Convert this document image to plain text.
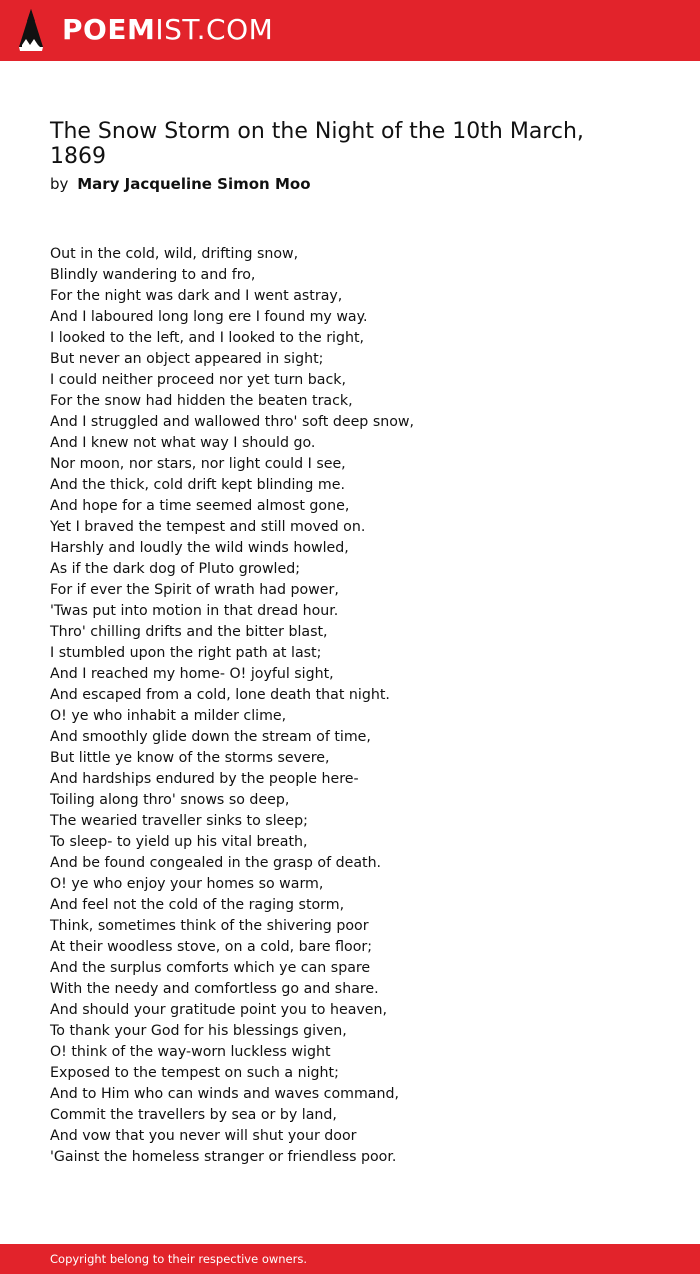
POEMIST.COM
The Snow Storm on the Night of the 10th March, 1869
by Mary Jacqueline Simon Moo
Out in the cold, wild, drifting snow,
Blindly wandering to and fro,
For the night was dark and I went astray,
And I laboured long long ere I found my way.
I looked to the left, and I looked to the right,
But never an object appeared in sight;
I could neither proceed nor yet turn back,
For the snow had hidden the beaten track,
And I struggled and wallowed thro' soft deep snow,
And I knew not what way I should go.
Nor moon, nor stars, nor light could I see,
And the thick, cold drift kept blinding me.
And hope for a time seemed almost gone,
Yet I braved the tempest and still moved on.
Harshly and loudly the wild winds howled,
As if the dark dog of Pluto growled;
For if ever the Spirit of wrath had power,
'Twas put into motion in that dread hour.
Thro' chilling drifts and the bitter blast,
I stumbled upon the right path at last;
And I reached my home- O! joyful sight,
And escaped from a cold, lone death that night.
O! ye who inhabit a milder clime,
And smoothly glide down the stream of time,
But little ye know of the storms severe,
And hardships endured by the people here-
Toiling along thro' snows so deep,
The wearied traveller sinks to sleep;
To sleep- to yield up his vital breath,
And be found congealed in the grasp of death.
O! ye who enjoy your homes so warm,
And feel not the cold of the raging storm,
Think, sometimes think of the shivering poor
At their woodless stove, on a cold, bare floor;
And the surplus comforts which ye can spare
With the needy and comfortless go and share.
And should your gratitude point you to heaven,
To thank your God for his blessings given,
O! think of the way-worn luckless wight
Exposed to the tempest on such a night;
And to Him who can winds and waves command,
Commit the travellers by sea or by land,
And vow that you never will shut your door
'Gainst the homeless stranger or friendless poor.
Copyright belong to their respective owners.
